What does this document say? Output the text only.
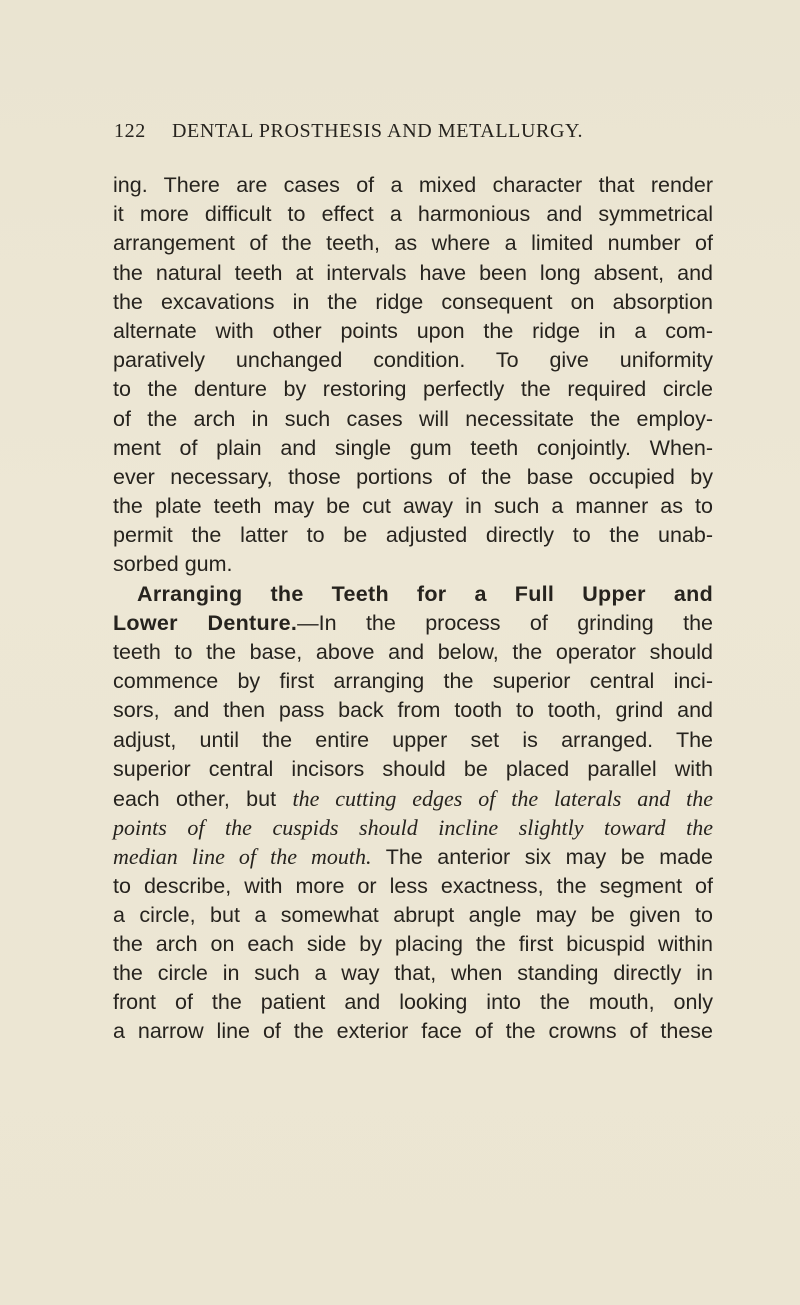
122 DENTAL PROSTHESIS AND METALLURGY.
ing. There are cases of a mixed character that render
it more difficult to effect a harmonious and symmetrical
arrangement of the teeth, as where a limited number of
the natural teeth at intervals have been long absent, and
the excavations in the ridge consequent on absorption
alternate with other points upon the ridge in a com-
paratively unchanged condition. To give uniformity
to the denture by restoring perfectly the required circle
of the arch in such cases will necessitate the employ-
ment of plain and single gum teeth conjointly. When-
ever necessary, those portions of the base occupied by
the plate teeth may be cut away in such a manner as to
permit the latter to be adjusted directly to the unab-
sorbed gum.
Arranging the Teeth for a Full Upper and
Lower Denture.—In the process of grinding the
teeth to the base, above and below, the operator should
commence by first arranging the superior central inci-
sors, and then pass back from tooth to tooth, grind and
adjust, until the entire upper set is arranged. The
superior central incisors should be placed parallel with
each other, but the cutting edges of the laterals and the
points of the cuspids should incline slightly toward the
median line of the mouth. The anterior six may be made
to describe, with more or less exactness, the segment of
a circle, but a somewhat abrupt angle may be given to
the arch on each side by placing the first bicuspid within
the circle in such a way that, when standing directly in
front of the patient and looking into the mouth, only
a narrow line of the exterior face of the crowns of these
